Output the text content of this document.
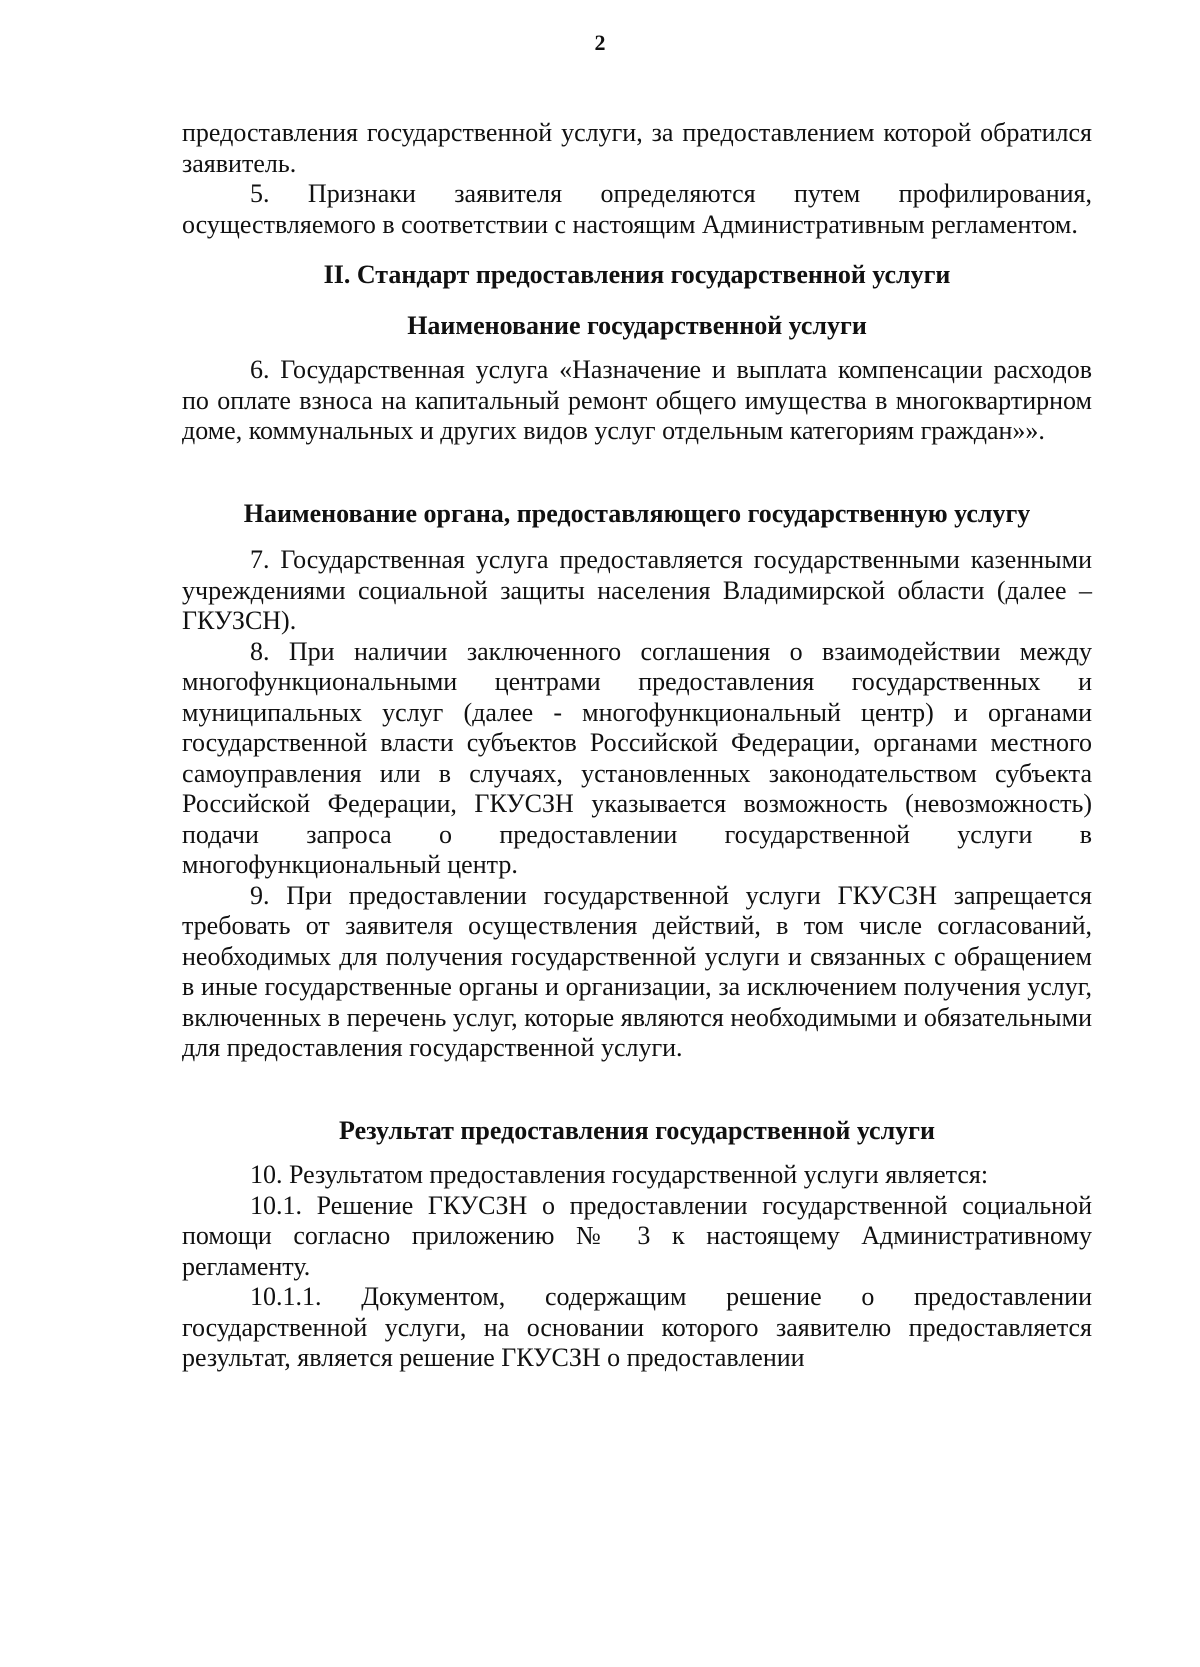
2

предоставления государственной услуги, за предоставлением которой обратился заявитель.

5. Признаки заявителя определяются путем профилирования, осуществляемого в соответствии с настоящим Административным регламентом.

II. Стандарт предоставления государственной услуги
Наименование государственной услуги

6. Государственная услуга «Назначение и выплата компенсации расходов по оплате взноса на капитальный ремонт общего имущества в многоквартирном доме, коммунальных и других видов услуг отдельным категориям граждан»».

Наименование органа, предоставляющего государственную услугу

7. Государственная услуга предоставляется государственными казенными учреждениями социальной защиты населения Владимирской области (далее – ГКУЗСН).

8. При наличии заключенного соглашения о взаимодействии между многофункциональными центрами предоставления государственных и муниципальных услуг (далее - многофункциональный центр) и органами государственной власти субъектов Российской Федерации, органами местного самоуправления или в случаях, установленных законодательством субъекта Российской Федерации, ГКУСЗН указывается возможность (невозможность) подачи запроса о предоставлении государственной услуги в многофункциональный центр.

9. При предоставлении государственной услуги ГКУСЗН запрещается требовать от заявителя осуществления действий, в том числе согласований, необходимых для получения государственной услуги и связанных с обращением в иные государственные органы и организации, за исключением получения услуг, включенных в перечень услуг, которые являются необходимыми и обязательными для предоставления государственной услуги.

Результат предоставления государственной услуги

10. Результатом предоставления государственной услуги является:

10.1. Решение ГКУСЗН о предоставлении государственной социальной помощи согласно приложению № 3 к настоящему Административному регламенту.

10.1.1. Документом, содержащим решение о предоставлении государственной услуги, на основании которого заявителю предоставляется результат, является решение ГКУСЗН о предоставлении
